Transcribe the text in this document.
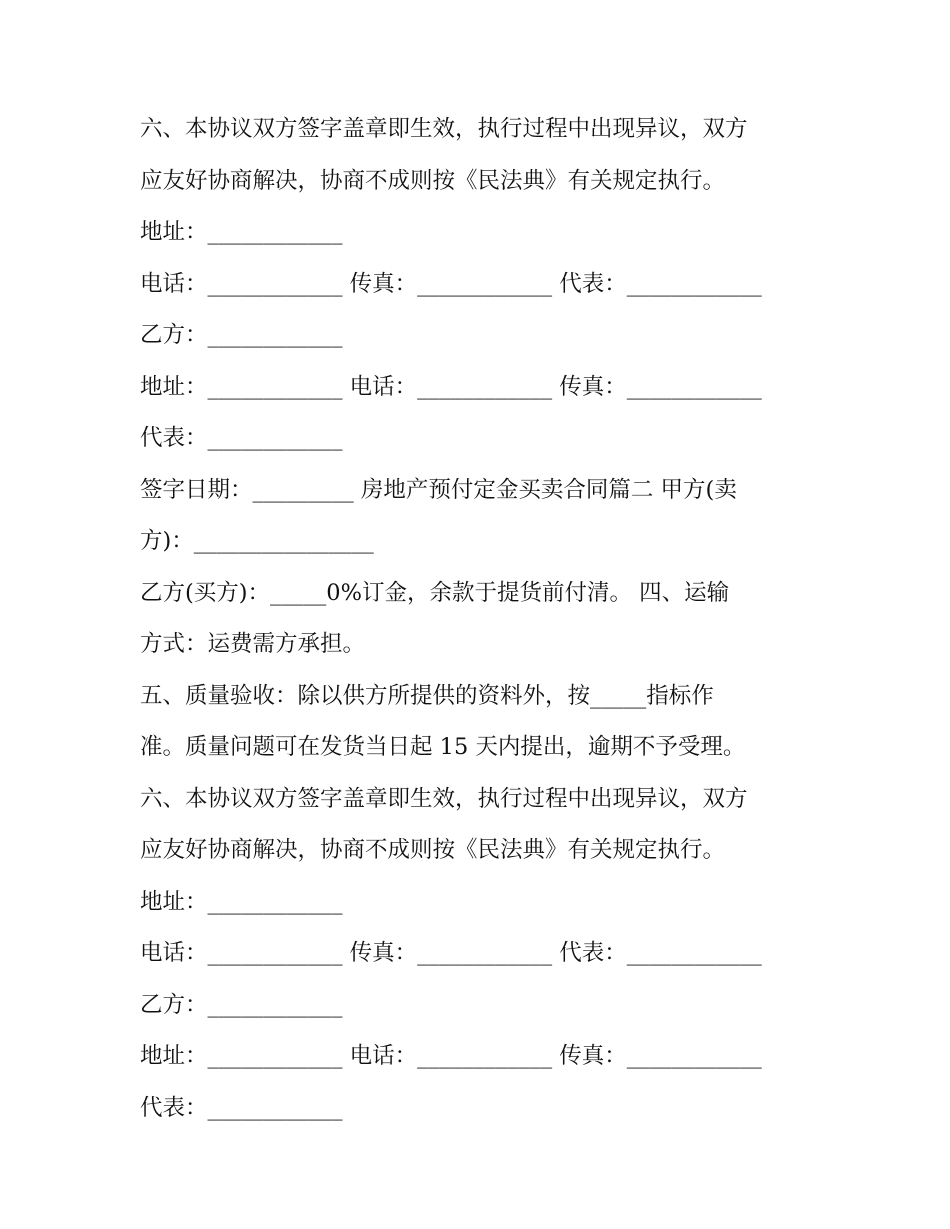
六、本协议双方签字盖章即生效，执行过程中出现异议，双方
应友好协商解决，协商不成则按《民法典》有关规定执行。
地址：____________
电话：____________ 传真：____________ 代表：____________
乙方：____________
地址：____________ 电话：____________ 传真：____________
代表：____________
签字日期：_________ 房地产预付定金买卖合同篇二 甲方(卖
方)：________________
乙方(买方)：_____0%订金，余款于提货前付清。 四、运输
方式：运费需方承担。
五、质量验收：除以供方所提供的资料外，按_____指标作
准。质量问题可在发货当日起 15 天内提出，逾期不予受理。
六、本协议双方签字盖章即生效，执行过程中出现异议，双方
应友好协商解决，协商不成则按《民法典》有关规定执行。
地址：____________
电话：____________ 传真：____________ 代表：____________
乙方：____________
地址：____________ 电话：____________ 传真：____________
代表：____________
